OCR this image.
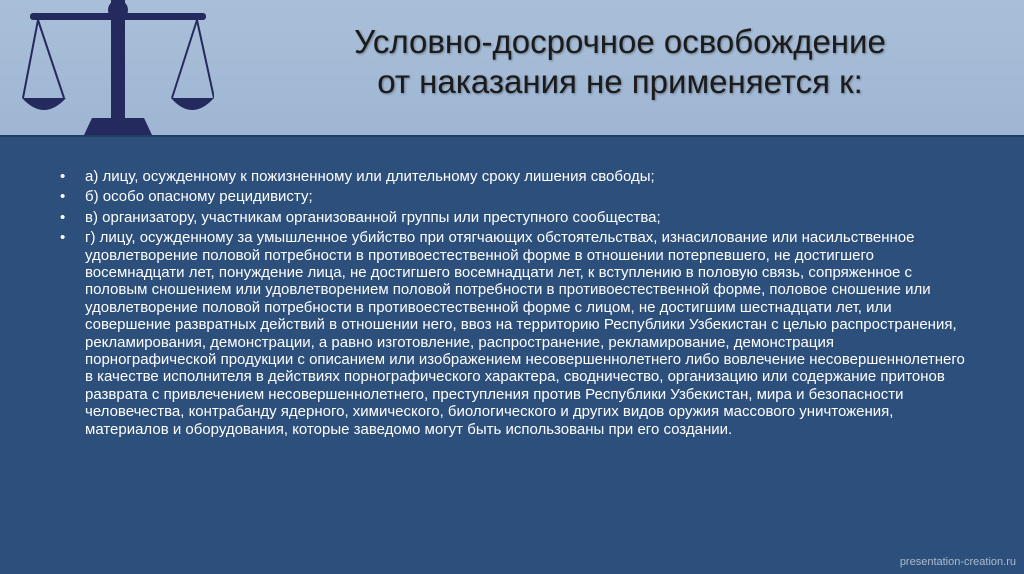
Условно-досрочное освобождение
от наказания не применяется к:
•	а) лицу, осужденному к пожизненному или длительному сроку лишения свободы;
•	б) особо опасному рецидивисту;
•	в) организатору, участникам организованной группы или преступного сообщества;
•	г) лицу, осужденному за умышленное убийство при отягчающих обстоятельствах, изнасилование или насильственное удовлетворение половой потребности в противоестественной форме в отношении потерпевшего, не достигшего восемнадцати лет, понуждение лица, не достигшего восемнадцати лет, к вступлению в половую связь, сопряженное с половым сношением или удовлетворением половой потребности в противоестественной форме, половое сношение или удовлетворение половой потребности в противоестественной форме с лицом, не достигшим шестнадцати лет, или совершение развратных действий в отношении него, ввоз на территорию Республики Узбекистан с целью распространения, рекламирования, демонстрации, а равно изготовление, распространение, рекламирование, демонстрация порнографической продукции с описанием или изображением несовершеннолетнего либо вовлечение несовершеннолетнего в качестве исполнителя в действиях порнографического характера, сводничество, организацию или содержание притонов разврата с привлечением несовершеннолетнего, преступления против Республики Узбекистан, мира и безопасности человечества, контрабанду ядерного, химического, биологического и других видов оружия массового уничтожения, материалов и оборудования, которые заведомо могут быть использованы при его создании.
presentation-creation.ru
